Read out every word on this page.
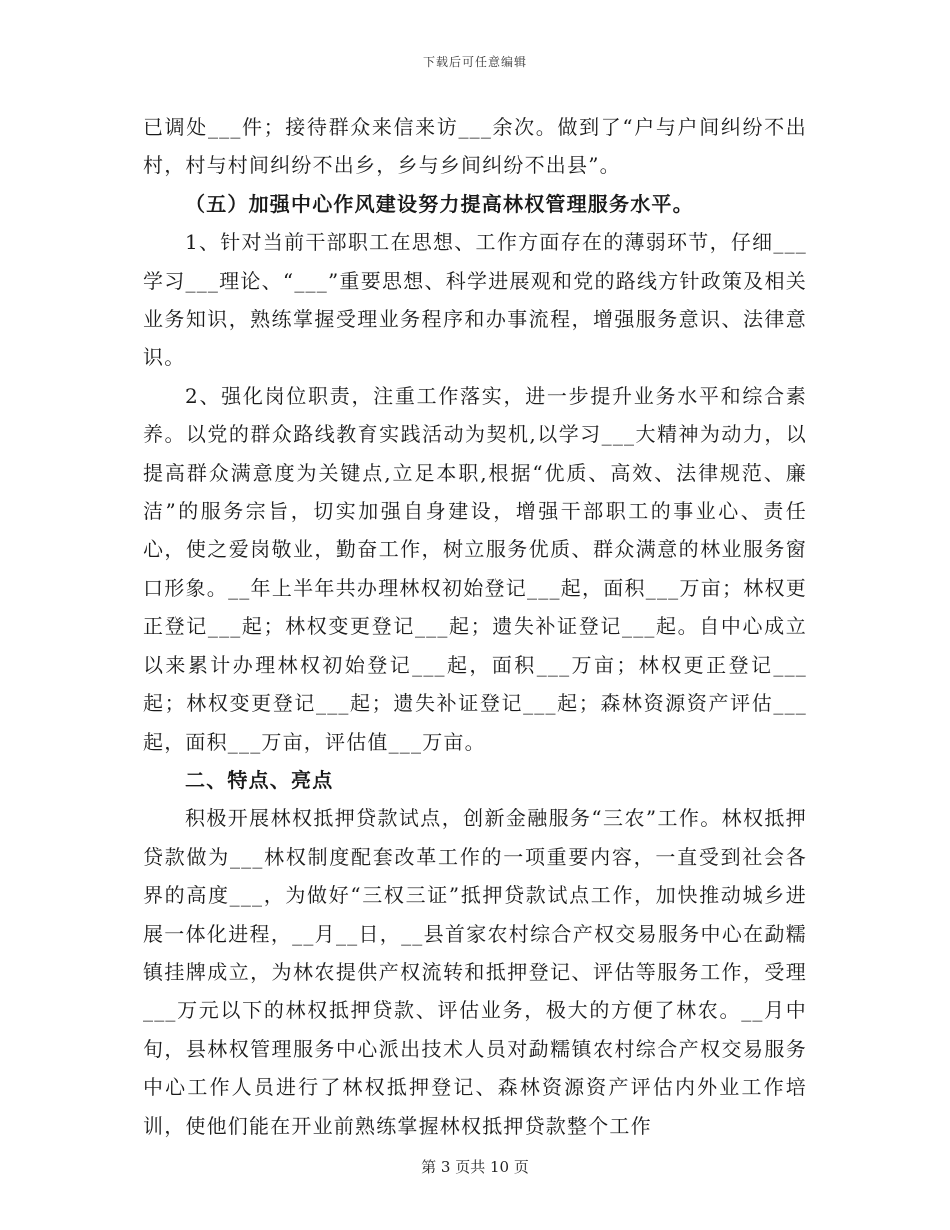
下载后可任意编辑

已调处___件；接待群众来信来访___余次。做到了“户与户间纠纷不出村，村与村间纠纷不出乡，乡与乡间纠纷不出县”。

（五）加强中心作风建设努力提高林权管理服务水平。

1、针对当前干部职工在思想、工作方面存在的薄弱环节，仔细___学习___理论、“___”重要思想、科学进展观和党的路线方针政策及相关业务知识，熟练掌握受理业务程序和办事流程，增强服务意识、法律意识。

2、强化岗位职责，注重工作落实，进一步提升业务水平和综合素养。以党的群众路线教育实践活动为契机,以学习___大精神为动力，以提高群众满意度为关键点,立足本职,根据“优质、高效、法律规范、廉洁”的服务宗旨，切实加强自身建设，增强干部职工的事业心、责任心，使之爱岗敬业，勤奋工作，树立服务优质、群众满意的林业服务窗口形象。__年上半年共办理林权初始登记___起，面积___万亩；林权更正登记___起；林权变更登记___起；遗失补证登记___起。自中心成立以来累计办理林权初始登记___起，面积___万亩；林权更正登记___起；林权变更登记___起；遗失补证登记___起；森林资源资产评估___起，面积___万亩，评估值___万亩。

二、特点、亮点

积极开展林权抵押贷款试点，创新金融服务“三农”工作。林权抵押贷款做为___林权制度配套改革工作的一项重要内容，一直受到社会各界的高度___，为做好“三权三证”抵押贷款试点工作，加快推动城乡进展一体化进程，__月__日，__县首家农村综合产权交易服务中心在勐糯镇挂牌成立，为林农提供产权流转和抵押登记、评估等服务工作，受理___万元以下的林权抵押贷款、评估业务，极大的方便了林农。__月中旬，县林权管理服务中心派出技术人员对勐糯镇农村综合产权交易服务中心工作人员进行了林权抵押登记、森林资源资产评估内外业工作培训，使他们能在开业前熟练掌握林权抵押贷款整个工作

第 3 页共 10 页
